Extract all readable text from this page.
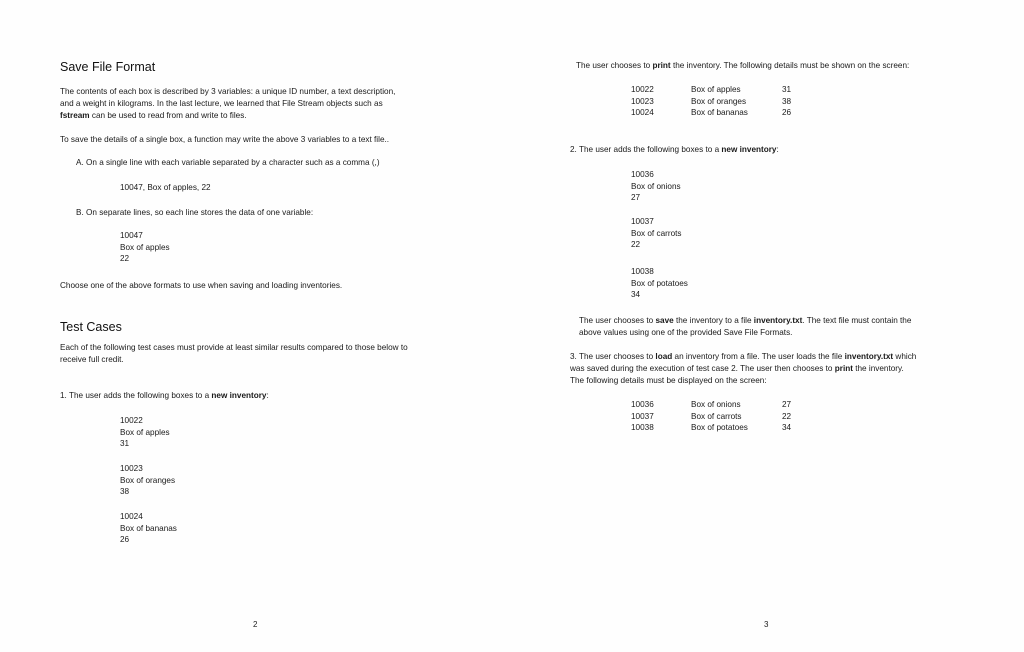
Save File Format
The contents of each box is described by 3 variables: a unique ID number, a text description,
and a weight in kilograms. In the last lecture, we learned that File Stream objects such as
fstream can be used to read from and write to files.
To save the details of a single box, a function may write the above 3 variables to a text file..
A. On a single line with each variable separated by a character such as a comma (,)
10047, Box of apples, 22
B. On separate lines, so each line stores the data of one variable:
10047
Box of apples
22
Choose one of the above formats to use when saving and loading inventories.
Test Cases
Each of the following test cases must provide at least similar results compared to those below to
receive full credit.
1. The user adds the following boxes to a new inventory:
10022
Box of apples
31
10023
Box of oranges
38
10024
Box of bananas
26
2
The user chooses to print the inventory. The following details must be shown on the screen:
10022
10023
10024
Box of apples
Box of oranges
Box of bananas
31
38
26
2. The user adds the following boxes to a new inventory:
10036
Box of onions
27
10037
Box of carrots
22
10038
Box of potatoes
34
The user chooses to save the inventory to a file inventory.txt. The text file must contain the
above values using one of the provided Save File Formats.
3. The user chooses to load an inventory from a file. The user loads the file inventory.txt which
was saved during the execution of test case 2. The user then chooses to print the inventory.
The following details must be displayed on the screen:
10036
10037
10038
Box of onions
Box of carrots
Box of potatoes
27
22
34
3
